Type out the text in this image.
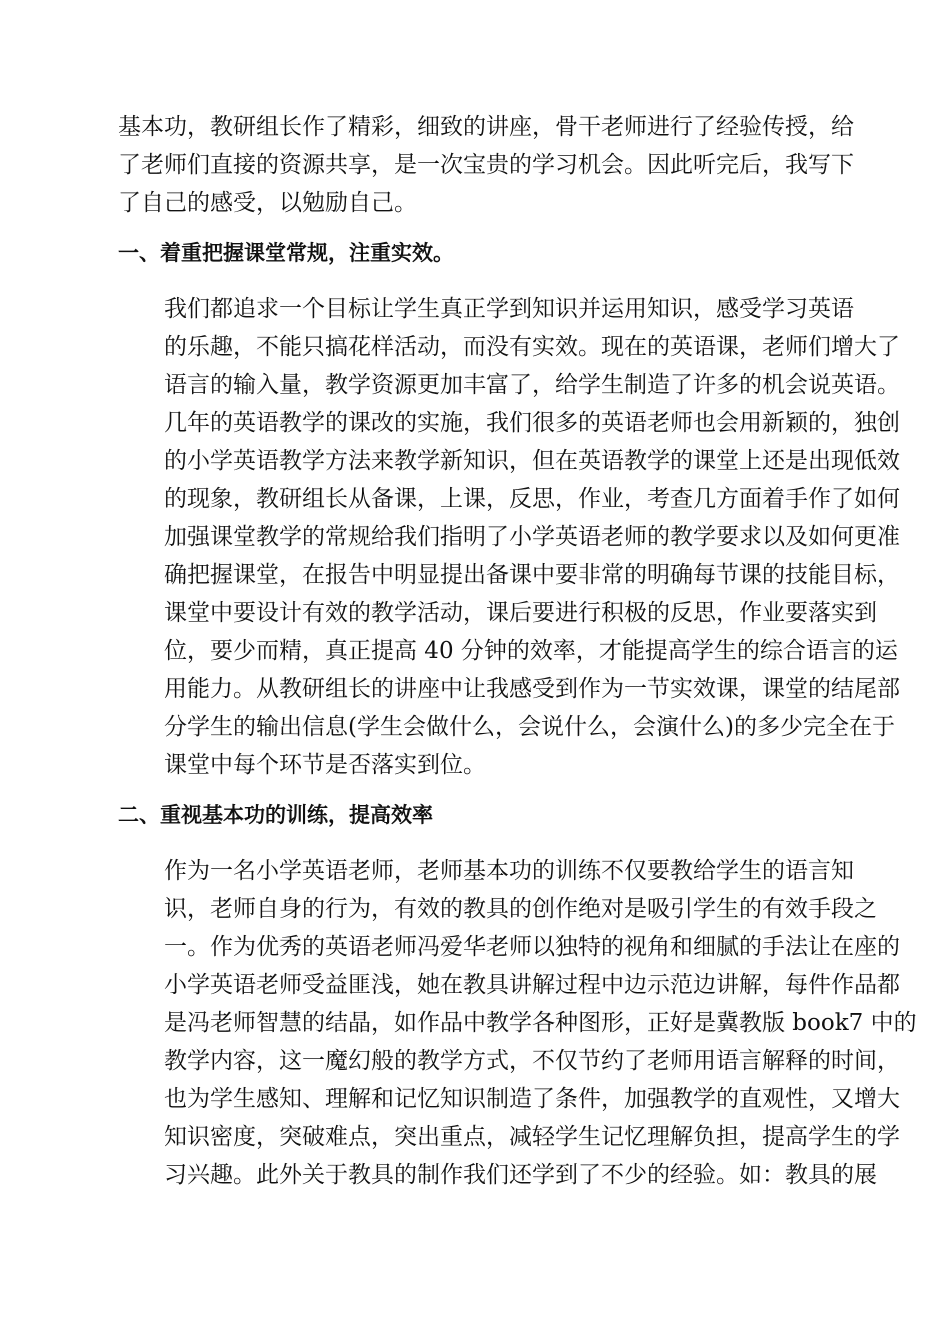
基本功，教研组长作了精彩，细致的讲座，骨干老师进行了经验传授，给
了老师们直接的资源共享，是一次宝贵的学习机会。因此听完后，我写下
了自己的感受，以勉励自己。
一、着重把握课堂常规，注重实效。
我们都追求一个目标让学生真正学到知识并运用知识，感受学习英语
的乐趣，不能只搞花样活动，而没有实效。现在的英语课，老师们增大了
语言的输入量，教学资源更加丰富了，给学生制造了许多的机会说英语。
几年的英语教学的课改的实施，我们很多的英语老师也会用新颖的，独创
的小学英语教学方法来教学新知识，但在英语教学的课堂上还是出现低效
的现象，教研组长从备课，上课，反思，作业，考查几方面着手作了如何
加强课堂教学的常规给我们指明了小学英语老师的教学要求以及如何更准
确把握课堂，在报告中明显提出备课中要非常的明确每节课的技能目标，
课堂中要设计有效的教学活动，课后要进行积极的反思，作业要落实到
位，要少而精，真正提高 40 分钟的效率，才能提高学生的综合语言的运
用能力。从教研组长的讲座中让我感受到作为一节实效课，课堂的结尾部
分学生的输出信息(学生会做什么，会说什么，会演什么)的多少完全在于
课堂中每个环节是否落实到位。
二、重视基本功的训练，提高效率
作为一名小学英语老师，老师基本功的训练不仅要教给学生的语言知
识，老师自身的行为，有效的教具的创作绝对是吸引学生的有效手段之
一。作为优秀的英语老师冯爱华老师以独特的视角和细腻的手法让在座的
小学英语老师受益匪浅，她在教具讲解过程中边示范边讲解，每件作品都
是冯老师智慧的结晶，如作品中教学各种图形，正好是冀教版 book7 中的
教学内容，这一魔幻般的教学方式，不仅节约了老师用语言解释的时间，
也为学生感知、理解和记忆知识制造了条件，加强教学的直观性，又增大
知识密度，突破难点，突出重点，减轻学生记忆理解负担，提高学生的学
习兴趣。此外关于教具的制作我们还学到了不少的经验。如：教具的展
